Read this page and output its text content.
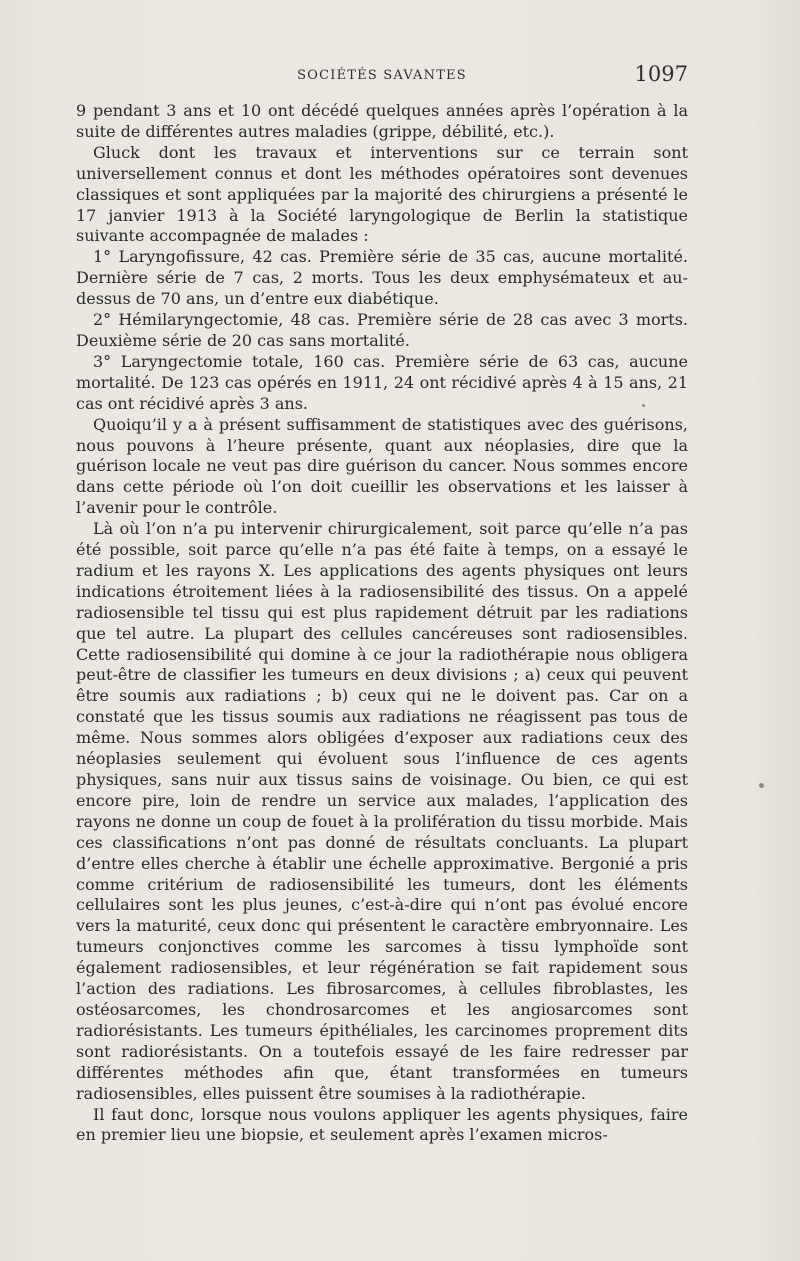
SOCIÉTÉS SAVANTES	1097

9 pendant 3 ans et 10 ont décédé quelques années après l’opération à la suite de différentes autres maladies (grippe, débilité, etc.).

Gluck dont les travaux et interventions sur ce terrain sont universellement connus et dont les méthodes opératoires sont devenues classiques et sont appliquées par la majorité des chirurgiens a présenté le 17 janvier 1913 à la Société laryngologique de Berlin la statistique suivante accompagnée de malades :

1° Laryngofissure, 42 cas. Première série de 35 cas, aucune mortalité. Dernière série de 7 cas, 2 morts. Tous les deux emphysémateux et au-dessus de 70 ans, un d’entre eux diabétique.

2° Hémilaryngectomie, 48 cas. Première série de 28 cas avec 3 morts. Deuxième série de 20 cas sans mortalité.

3° Laryngectomie totale, 160 cas. Première série de 63 cas, aucune mortalité. De 123 cas opérés en 1911, 24 ont récidivé après 4 à 15 ans, 21 cas ont récidivé après 3 ans.

Quoiqu’il y a à présent suffisamment de statistiques avec des guérisons, nous pouvons à l’heure présente, quant aux néoplasies, dire que la guérison locale ne veut pas dire guérison du cancer. Nous sommes encore dans cette période où l’on doit cueillir les observations et les laisser à l’avenir pour le contrôle.

Là où l’on n’a pu intervenir chirurgicalement, soit parce qu’elle n’a pas été possible, soit parce qu’elle n’a pas été faite à temps, on a essayé le radium et les rayons X. Les applications des agents physiques ont leurs indications étroitement liées à la radiosensibilité des tissus. On a appelé radiosensible tel tissu qui est plus rapidement détruit par les radiations que tel autre. La plupart des cellules cancéreuses sont radiosensibles. Cette radiosensibilité qui domine à ce jour la radiothérapie nous obligera peut-être de classifier les tumeurs en deux divisions ; a) ceux qui peuvent être soumis aux radiations ; b) ceux qui ne le doivent pas. Car on a constaté que les tissus soumis aux radiations ne réagissent pas tous de même. Nous sommes alors obligées d’exposer aux radiations ceux des néoplasies seulement qui évoluent sous l’influence de ces agents physiques, sans nuir aux tissus sains de voisinage. Ou bien, ce qui est encore pire, loin de rendre un service aux malades, l’application des rayons ne donne un coup de fouet à la prolifération du tissu morbide. Mais ces classifications n’ont pas donné de résultats concluants. La plupart d’entre elles cherche à établir une échelle approximative. Bergonié a pris comme critérium de radiosensibilité les tumeurs, dont les éléments cellulaires sont les plus jeunes, c’est-à-dire qui n’ont pas évolué encore vers la maturité, ceux donc qui présentent le caractère embryonnaire. Les tumeurs conjonctives comme les sarcomes à tissu lymphoïde sont également radiosensibles, et leur régénération se fait rapidement sous l’action des radiations. Les fibrosarcomes, à cellules fibroblastes, les ostéosarcomes, les chondrosarcomes et les angiosarcomes sont radiorésistants. Les tumeurs épithéliales, les carcinomes proprement dits sont radiorésistants. On a toutefois essayé de les faire redresser par différentes méthodes afin que, étant transformées en tumeurs radiosensibles, elles puissent être soumises à la radiothérapie.

Il faut donc, lorsque nous voulons appliquer les agents physiques, faire en premier lieu une biopsie, et seulement après l’examen micros-
